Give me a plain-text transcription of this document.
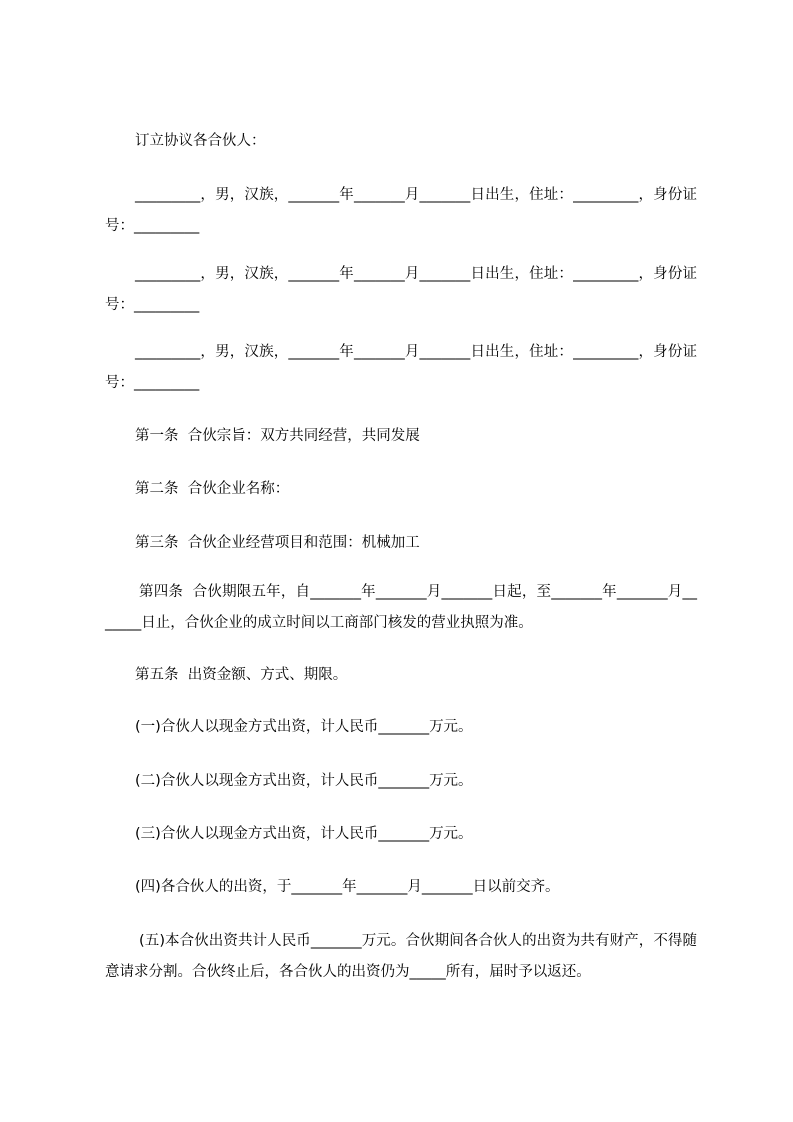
订立协议各合伙人：

_________，男，汉族，_______年_______月_______日出生，住址：_________，身份证号：_________

_________，男，汉族，_______年_______月_______日出生，住址：_________，身份证号：_________

_________，男，汉族，_______年_______月_______日出生，住址：_________，身份证号：_________

第一条  合伙宗旨：双方共同经营，共同发展

第二条  合伙企业名称：

第三条  合伙企业经营项目和范围：机械加工

第四条  合伙期限五年，自_______年_______月_______日起，至_______年_______月_______日止，合伙企业的成立时间以工商部门核发的营业执照为准。

第五条  出资金额、方式、期限。

(一)合伙人以现金方式出资，计人民币_______万元。

(二)合伙人以现金方式出资，计人民币_______万元。

(三)合伙人以现金方式出资，计人民币_______万元。

(四)各合伙人的出资，于_______年_______月_______日以前交齐。

(五)本合伙出资共计人民币_______万元。合伙期间各合伙人的出资为共有财产，不得随意请求分割。合伙终止后，各合伙人的出资仍为_____所有，届时予以返还。
